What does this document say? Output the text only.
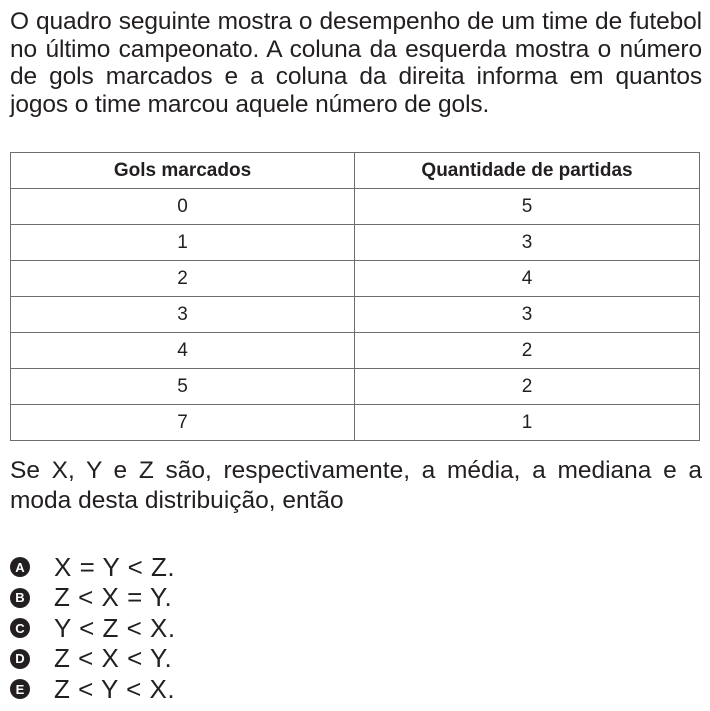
O quadro seguinte mostra o desempenho de um time de futebol no último campeonato. A coluna da esquerda mostra o número de gols marcados e a coluna da direita informa em quantos jogos o time marcou aquele número de gols.

Gols marcados	Quantidade de partidas
0	5
1	3
2	4
3	3
4	2
5	2
7	1

Se X, Y e Z são, respectivamente, a média, a mediana e a moda desta distribuição, então

A X = Y < Z.
B Z < X = Y.
C Y < Z < X.
D Z < X < Y.
E Z < Y < X.
